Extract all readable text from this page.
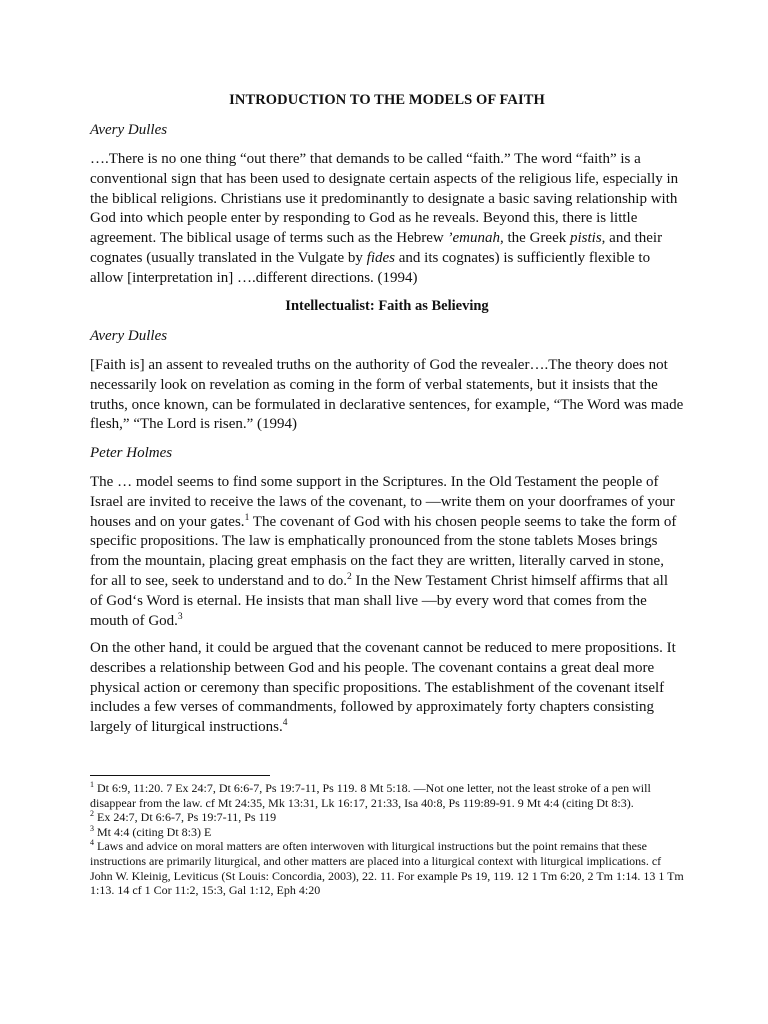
INTRODUCTION TO THE MODELS OF FAITH
Avery Dulles

….There is no one thing “out there” that demands to be called “faith.” The word “faith” is a conventional sign that has been used to designate certain aspects of the religious life, especially in the biblical religions. Christians use it predominantly to designate a basic saving relationship with God into which people enter by responding to God as he reveals. Beyond this, there is little agreement. The biblical usage of terms such as the Hebrew ’emunah, the Greek pistis, and their cognates (usually translated in the Vulgate by fides and its cognates) is sufficiently flexible to allow [interpretation in] ….different directions. (1994)

Intellectualist: Faith as Believing
Avery Dulles

[Faith is] an assent to revealed truths on the authority of God the revealer….The theory does not necessarily look on revelation as coming in the form of verbal statements, but it insists that the truths, once known, can be formulated in declarative sentences, for example, “The Word was made flesh,” “The Lord is risen.” (1994)

Peter Holmes

The … model seems to find some support in the Scriptures. In the Old Testament the people of Israel are invited to receive the laws of the covenant, to ―write them on your doorframes of your houses and on your gates.$^1$ The covenant of God with his chosen people seems to take the form of specific propositions. The law is emphatically pronounced from the stone tablets Moses brings from the mountain, placing great emphasis on the fact they are written, literally carved in stone, for all to see, seek to understand and to do.$^2$ In the New Testament Christ himself affirms that all of God‘s Word is eternal. He insists that man shall live ―by every word that comes from the mouth of God.$^3$

On the other hand, it could be argued that the covenant cannot be reduced to mere propositions. It describes a relationship between God and his people. The covenant contains a great deal more physical action or ceremony than specific propositions. The establishment of the covenant itself includes a few verses of commandments, followed by approximately forty chapters consisting largely of liturgical instructions.$^4$

$^1$ Dt 6:9, 11:20. 7 Ex 24:7, Dt 6:6-7, Ps 19:7-11, Ps 119. 8 Mt 5:18. ―Not one letter, not the least stroke of a pen will disappear from the law. cf Mt 24:35, Mk 13:31, Lk 16:17, 21:33, Isa 40:8, Ps 119:89-91. 9 Mt 4:4 (citing Dt 8:3).
$^2$ Ex 24:7, Dt 6:6-7, Ps 19:7-11, Ps 119
$^3$ Mt 4:4 (citing Dt 8:3) E
$^4$ Laws and advice on moral matters are often interwoven with liturgical instructions but the point remains that these instructions are primarily liturgical, and other matters are placed into a liturgical context with liturgical implications. cf John W. Kleinig, Leviticus (St Louis: Concordia, 2003), 22. 11. For example Ps 19, 119. 12 1 Tm 6:20, 2 Tm 1:14. 13 1 Tm 1:13. 14 cf 1 Cor 11:2, 15:3, Gal 1:12, Eph 4:20
